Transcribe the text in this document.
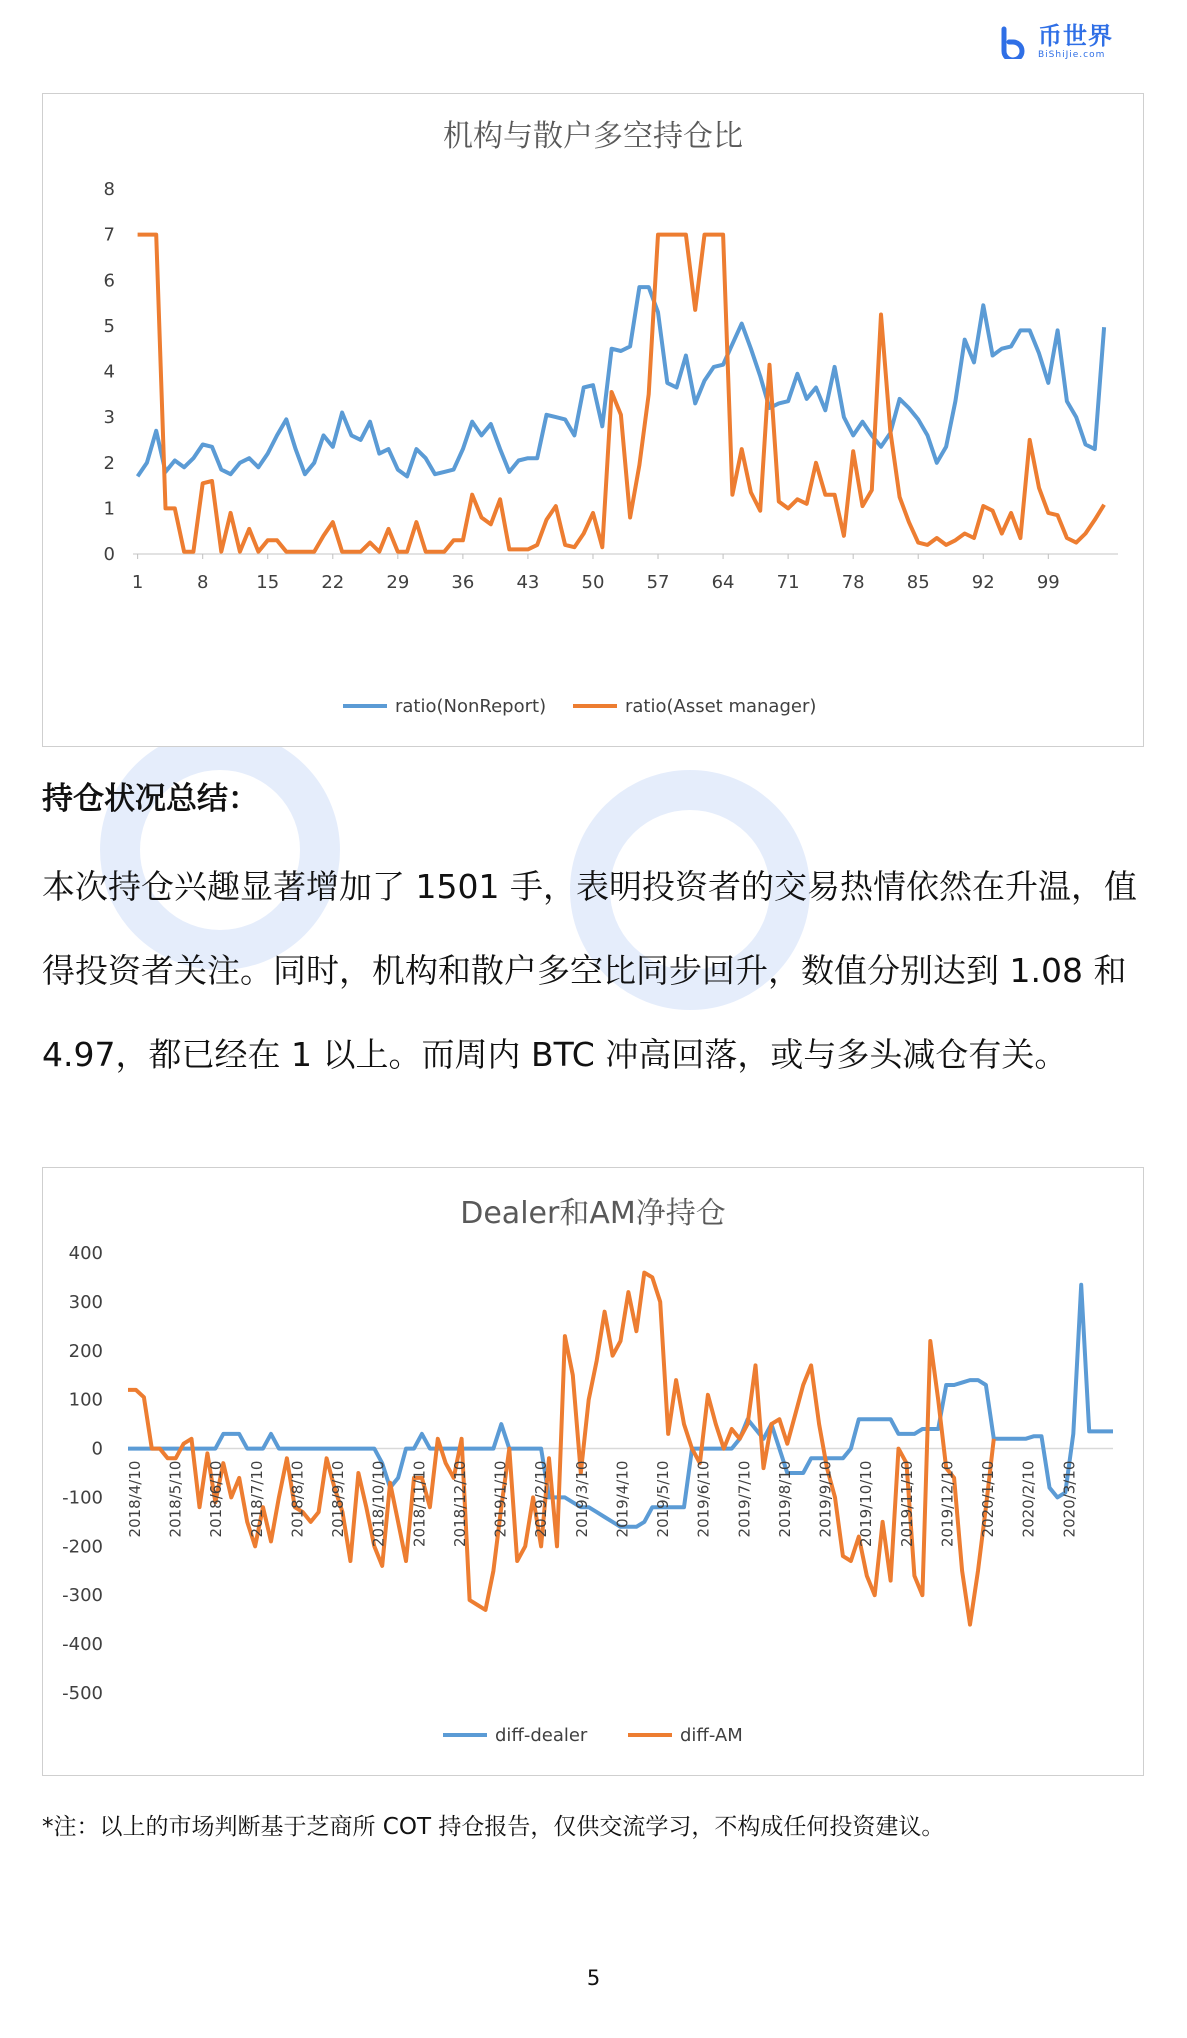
币世界
BiShiJie.com
机构与散户多空持仓比
0
1
2
3
4
5
6
7
8
1	8	15 22 29 36 43 50 57 64 71 78 85 92 99
ratio(NonReport)	ratio(Asset manager)
持仓状况总结：
本次持仓兴趣显著增加了 1501 手，表明投资者的交易热情依然在升温，值得投资者关注。同时，机构和散户多空比同步回升，数值分别达到 1.08 和 4.97，都已经在 1 以上。而周内 BTC 冲高回落，或与多头减仓有关。
Dealer和AM净持仓
400
300
200
100
0
-100
-200
-300
-400
-500
2018/4/10 2018/5/10 2018/6/10 2018/7/10 2018/8/10 2018/9/10 2018/10/10 2018/11/10 2018/12/10 2019/1/10 2019/2/10 2019/3/10 2019/4/10 2019/5/10 2019/6/10 2019/7/10 2019/8/10 2019/9/10 2019/10/10 2019/11/10 2019/12/10 2020/1/10 2020/2/10 2020/3/10
diff-dealer	diff-AM
*注：以上的市场判断基于芝商所 COT 持仓报告，仅供交流学习，不构成任何投资建议。
5
